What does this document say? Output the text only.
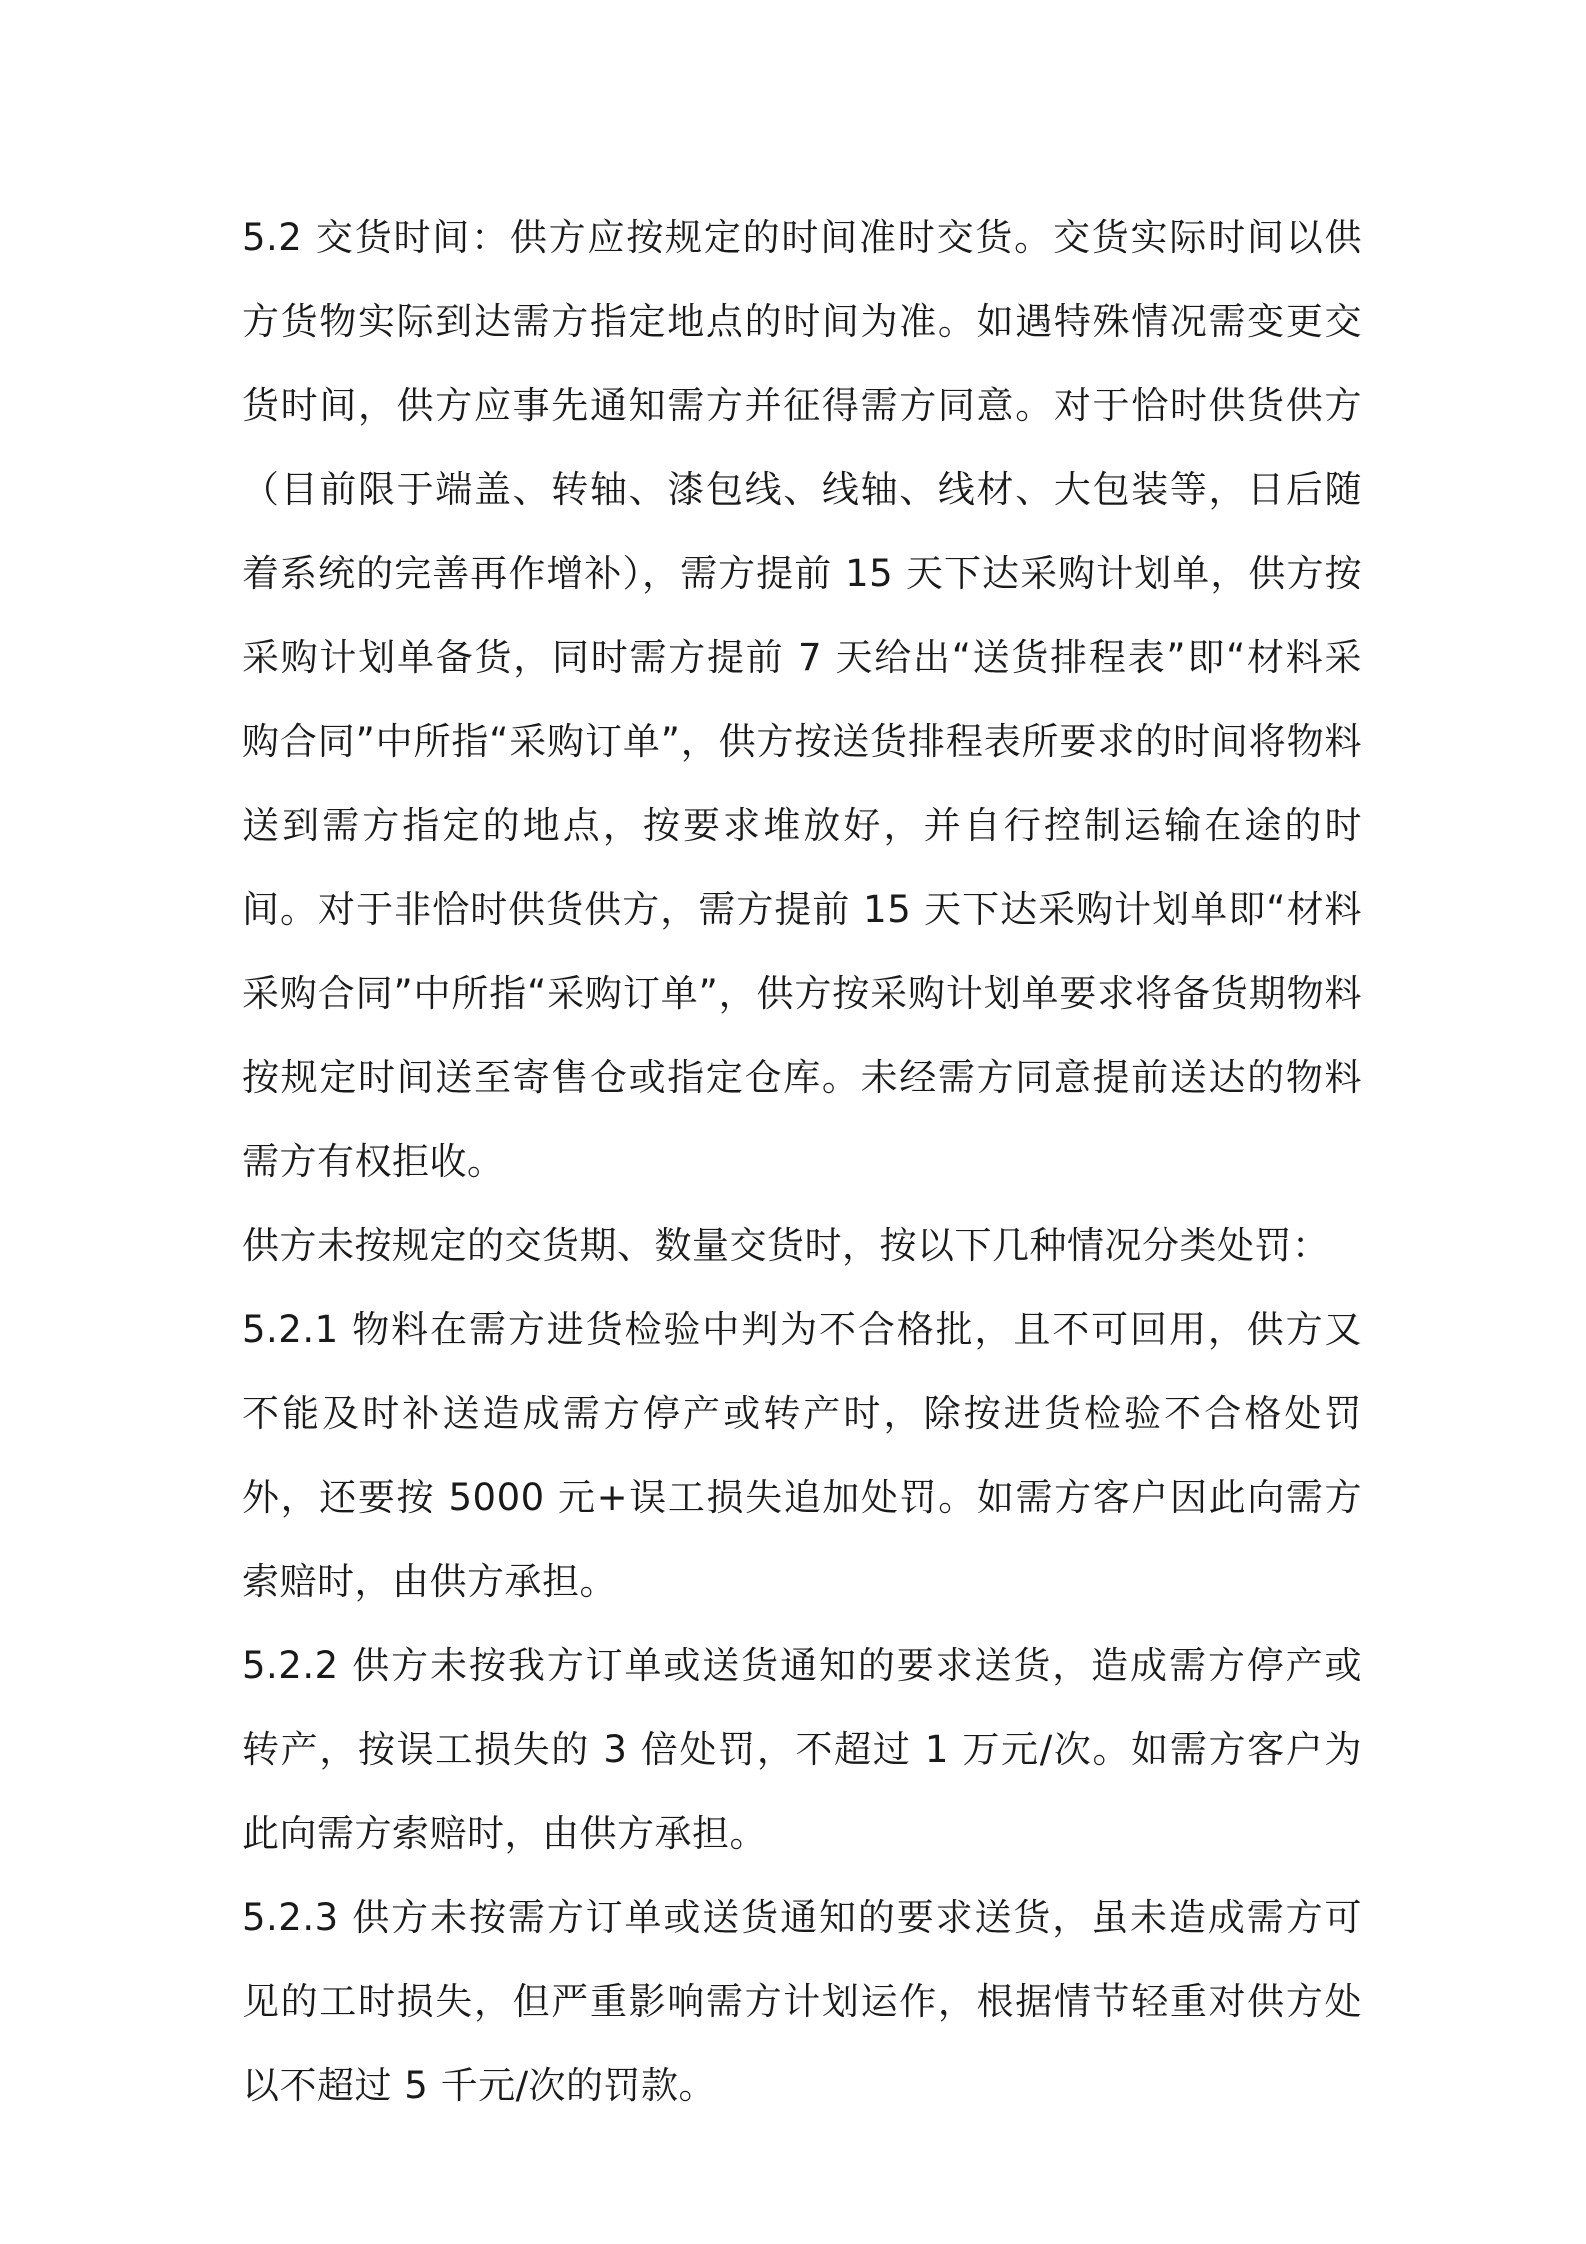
5.2 交货时间：供方应按规定的时间准时交货。交货实际时间以供方货物实际到达需方指定地点的时间为准。如遇特殊情况需变更交货时间，供方应事先通知需方并征得需方同意。对于恰时供货供方（目前限于端盖、转轴、漆包线、线轴、线材、大包装等，日后随着系统的完善再作增补），需方提前 15 天下达采购计划单，供方按采购计划单备货，同时需方提前 7 天给出“送货排程表”即“材料采购合同”中所指“采购订单”，供方按送货排程表所要求的时间将物料送到需方指定的地点，按要求堆放好，并自行控制运输在途的时间。对于非恰时供货供方，需方提前 15 天下达采购计划单即“材料采购合同”中所指“采购订单”，供方按采购计划单要求将备货期物料按规定时间送至寄售仓或指定仓库。未经需方同意提前送达的物料需方有权拒收。

供方未按规定的交货期、数量交货时，按以下几种情况分类处罚：

5.2.1 物料在需方进货检验中判为不合格批，且不可回用，供方又不能及时补送造成需方停产或转产时，除按进货检验不合格处罚外，还要按 5000 元+误工损失追加处罚。如需方客户因此向需方索赔时，由供方承担。

5.2.2 供方未按我方订单或送货通知的要求送货，造成需方停产或转产，按误工损失的 3 倍处罚，不超过 1 万元/次。如需方客户为此向需方索赔时，由供方承担。

5.2.3 供方未按需方订单或送货通知的要求送货，虽未造成需方可见的工时损失，但严重影响需方计划运作，根据情节轻重对供方处以不超过 5 千元/次的罚款。
